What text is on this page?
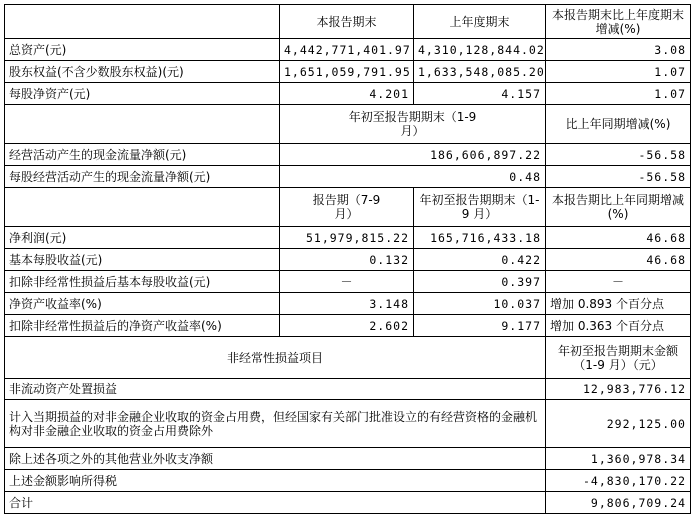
	本报告期末	上年度期末	本报告期末比上年度期末增减(%)
总资产(元)	4,442,771,401.97	4,310,128,844.02	3.08
股东权益(不含少数股东权益)(元)	1,651,059,791.95	1,633,548,085.20	1.07
每股净资产(元)	4.201	4.157	1.07
	年初至报告期期末（1-9 月）		比上年同期增减(%)
经营活动产生的现金流量净额(元)	186,606,897.22		-56.58
每股经营活动产生的现金流量净额(元)	0.48		-56.58
	报告期（7-9 月）	年初至报告期期末（1-9 月）	本报告期比上年同期增减(%)
净利润(元)	51,979,815.22	165,716,433.18	46.68
基本每股收益(元)	0.132	0.422	46.68
扣除非经常性损益后基本每股收益(元)	－	0.397	－
净资产收益率(%)	3.148	10.037	增加 0.893 个百分点
扣除非经常性损益后的净资产收益率(%)	2.602	9.177	增加 0.363 个百分点
非经常性损益项目			年初至报告期期末金额（1-9 月）（元）
非流动资产处置损益			12,983,776.12
计入当期损益的对非金融企业收取的资金占用费，但经国家有关部门批准设立的有经营资格的金融机构对非金融企业收取的资金占用费除外			292,125.00
除上述各项之外的其他营业外收支净额			1,360,978.34
上述金额影响所得税			-4,830,170.22
合计			9,806,709.24
